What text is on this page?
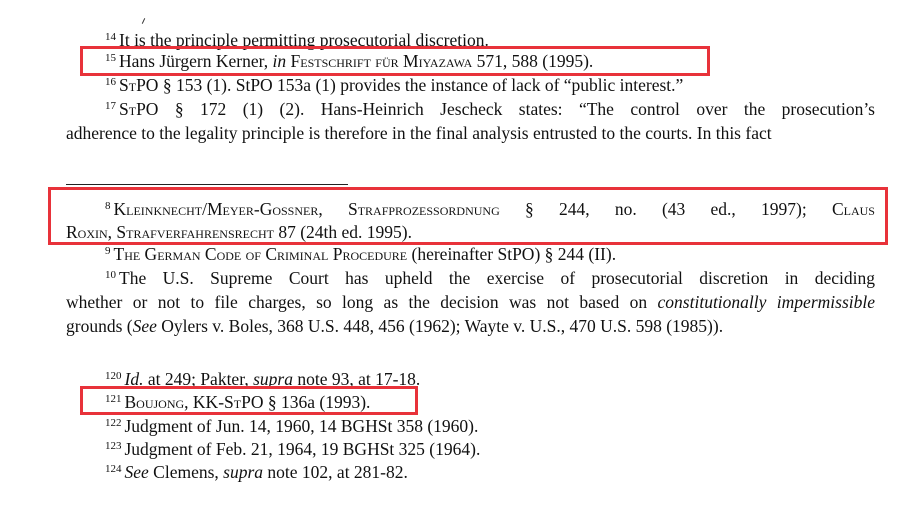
$^{14}$ It is the principle permitting prosecutorial discretion.
$^{15}$ Hans Jürgern Kerner, in Festschrift für Miyazawa 571, 588 (1995).
$^{16}$ StPO § 153 (1). StPO 153a (1) provides the instance of lack of “public interest.”
$^{17}$ StPO § 172 (1) (2). Hans-Heinrich Jescheck states: “The control over the prosecution’s
adherence to the legality principle is therefore in the final analysis entrusted to the courts. In this fact
$^8$ Kleinknecht/Meyer-Goßner, Strafprozeßordnung § 244, no. (43 ed., 1997); Claus
Roxin, Strafverfahrensrecht 87 (24th ed. 1995).
$^9$ The German Code of Criminal Procedure (hereinafter StPO) § 244 (II).
$^{10}$ The U.S. Supreme Court has upheld the exercise of prosecutorial discretion in deciding
whether or not to file charges, so long as the decision was not based on constitutionally impermissible
grounds (See Oylers v. Boles, 368 U.S. 448, 456 (1962); Wayte v. U.S., 470 U.S. 598 (1985)).
$^{120}$ Id. at 249; Pakter, supra note 93, at 17-18.
$^{121}$ Boujong, KK-StPO § 136a (1993).
$^{122}$ Judgment of Jun. 14, 1960, 14 BGHSt 358 (1960).
$^{123}$ Judgment of Feb. 21, 1964, 19 BGHSt 325 (1964).
$^{124}$ See Clemens, supra note 102, at 281-82.
